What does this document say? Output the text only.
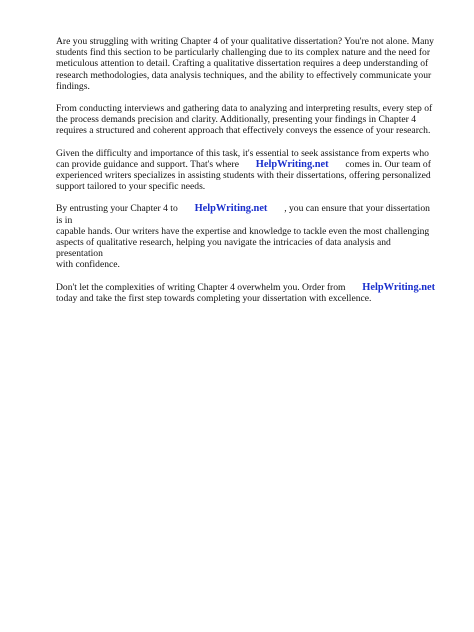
Are you struggling with writing Chapter 4 of your qualitative dissertation? You're not alone. Many
students find this section to be particularly challenging due to its complex nature and the need for
meticulous attention to detail. Crafting a qualitative dissertation requires a deep understanding of
research methodologies, data analysis techniques, and the ability to effectively communicate your
findings.

From conducting interviews and gathering data to analyzing and interpreting results, every step of
the process demands precision and clarity. Additionally, presenting your findings in Chapter 4
requires a structured and coherent approach that effectively conveys the essence of your research.

Given the difficulty and importance of this task, it's essential to seek assistance from experts who
can provide guidance and support. That's where       HelpWriting.net       comes in. Our team of
experienced writers specializes in assisting students with their dissertations, offering personalized
support tailored to your specific needs.

By entrusting your Chapter 4 to       HelpWriting.net       , you can ensure that your dissertation is in
capable hands. Our writers have the expertise and knowledge to tackle even the most challenging
aspects of qualitative research, helping you navigate the intricacies of data analysis and presentation
with confidence.

Don't let the complexities of writing Chapter 4 overwhelm you. Order from       HelpWriting.net
today and take the first step towards completing your dissertation with excellence.
